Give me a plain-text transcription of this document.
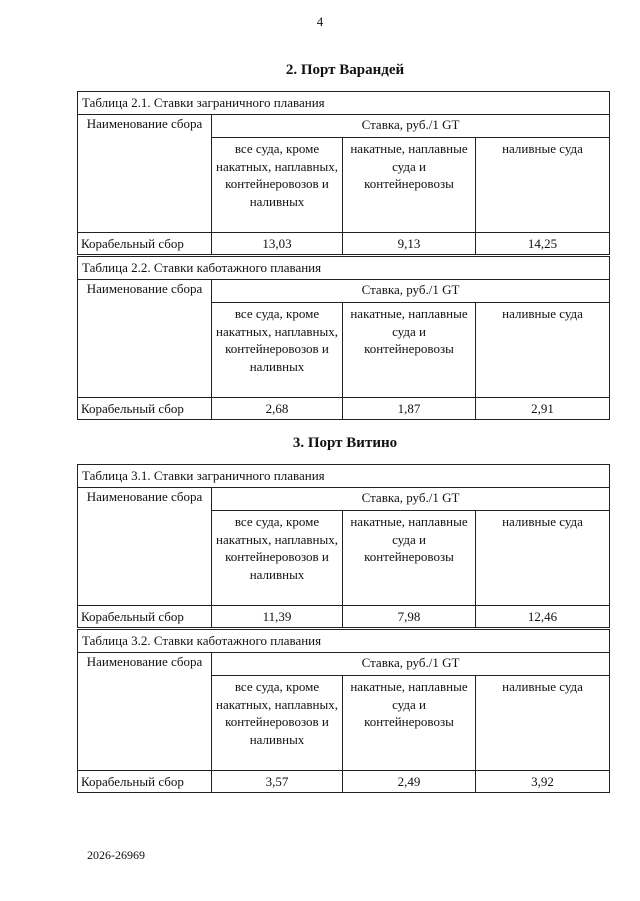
4
2. Порт Варандей
Таблица 2.1. Ставки заграничного плавания			
Наименование сбора	Ставка, руб./1 GT		
	все суда, кроме накатных, наплавных, контейнеровозов и наливных	накатные, наплавные суда и контейнеровозы	наливные суда
Корабельный сбор	13,03	9,13	14,25
Таблица 2.2. Ставки каботажного плавания			
Наименование сбора	Ставка, руб./1 GT		
	все суда, кроме накатных, наплавных, контейнеровозов и наливных	накатные, наплавные суда и контейнеровозы	наливные суда
Корабельный сбор	2,68	1,87	2,91
3. Порт Витино
Таблица 3.1. Ставки заграничного плавания			
Наименование сбора	Ставка, руб./1 GT		
	все суда, кроме накатных, наплавных, контейнеровозов и наливных	накатные, наплавные суда и контейнеровозы	наливные суда
Корабельный сбор	11,39	7,98	12,46
Таблица 3.2. Ставки каботажного плавания			
Наименование сбора	Ставка, руб./1 GT		
	все суда, кроме накатных, наплавных, контейнеровозов и наливных	накатные, наплавные суда и контейнеровозы	наливные суда
Корабельный сбор	3,57	2,49	3,92
2026-26969
